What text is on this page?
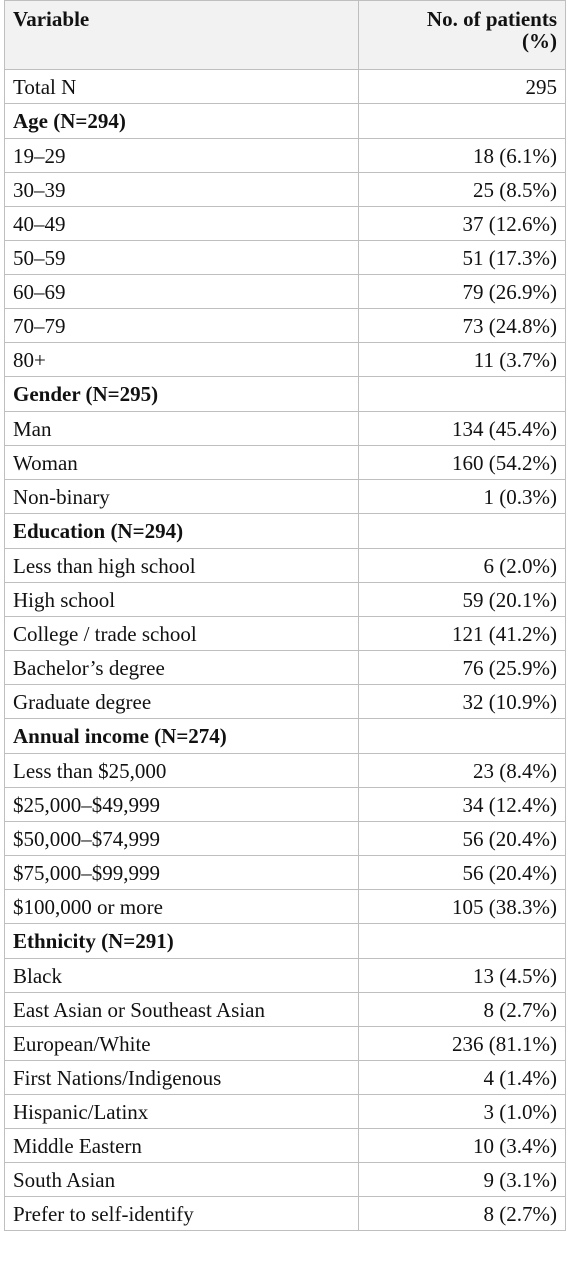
Variable	No. of patients
(%)
Total N	295
Age (N=294)	
19–29	18 (6.1%)
30–39	25 (8.5%)
40–49	37 (12.6%)
50–59	51 (17.3%)
60–69	79 (26.9%)
70–79	73 (24.8%)
80+	11 (3.7%)
Gender (N=295)	
Man	134 (45.4%)
Woman	160 (54.2%)
Non-binary	1 (0.3%)
Education (N=294)	
Less than high school	6 (2.0%)
High school	59 (20.1%)
College / trade school	121 (41.2%)
Bachelor’s degree	76 (25.9%)
Graduate degree	32 (10.9%)
Annual income (N=274)	
Less than $25,000	23 (8.4%)
$25,000–$49,999	34 (12.4%)
$50,000–$74,999	56 (20.4%)
$75,000–$99,999	56 (20.4%)
$100,000 or more	105 (38.3%)
Ethnicity (N=291)	
Black	13 (4.5%)
East Asian or Southeast Asian	8 (2.7%)
European/White	236 (81.1%)
First Nations/Indigenous	4 (1.4%)
Hispanic/Latinx	3 (1.0%)
Middle Eastern	10 (3.4%)
South Asian	9 (3.1%)
Prefer to self-identify	8 (2.7%)
